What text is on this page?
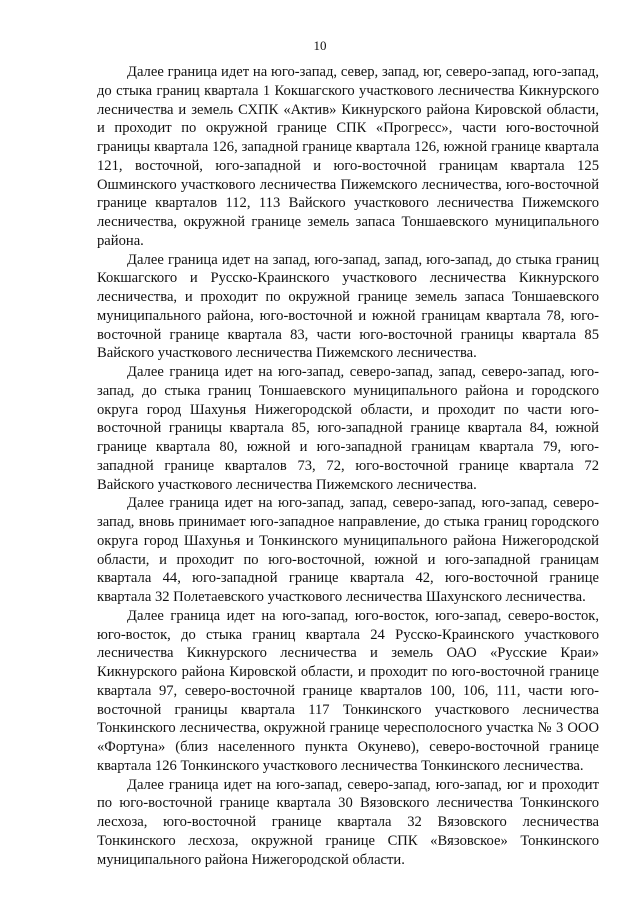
10

Далее граница идет на юго-запад, север, запад, юг, северо-запад, юго-запад, до стыка границ квартала 1 Кокшагского участкового лесничества Кикнурского лесничества и земель СХПК «Актив» Кикнурского района Кировской области, и проходит по окружной границе СПК «Прогресс», части юго-восточной границы квартала 126, западной границе квартала 126, южной границе квартала 121, восточной, юго-западной и юго-восточной границам квартала 125 Ошминского участкового лесничества Пижемского лесничества, юго-восточной границе кварталов 112, 113 Вайского участкового лесничества Пижемского лесничества, окружной границе земель запаса Тоншаевского муниципального района.

Далее граница идет на запад, юго-запад, запад, юго-запад, до стыка границ Кокшагского и Русско-Краинского участкового лесничества Кикнурского лесничества, и проходит по окружной границе земель запаса Тоншаевского муниципального района, юго-восточной и южной границам квартала 78, юго-восточной границе квартала 83, части юго-восточной границы квартала 85 Вайского участкового лесничества Пижемского лесничества.

Далее граница идет на юго-запад, северо-запад, запад, северо-запад, юго-запад, до стыка границ Тоншаевского муниципального района и городского округа город Шахунья Нижегородской области, и проходит по части юго-восточной границы квартала 85, юго-западной границе квартала 84, южной границе квартала 80, южной и юго-западной границам квартала 79, юго-западной границе кварталов 73, 72, юго-восточной границе квартала 72 Вайского участкового лесничества Пижемского лесничества.

Далее граница идет на юго-запад, запад, северо-запад, юго-запад, северо-запад, вновь принимает юго-западное направление, до стыка границ городского округа город Шахунья и Тонкинского муниципального района Нижегородской области, и проходит по юго-восточной, южной и юго-западной границам квартала 44, юго-западной границе квартала 42, юго-восточной границе квартала 32 Полетаевского участкового лесничества Шахунского лесничества.

Далее граница идет на юго-запад, юго-восток, юго-запад, северо-восток, юго-восток, до стыка границ квартала 24 Русско-Краинского участкового лесничества Кикнурского лесничества и земель ОАО «Русские Краи» Кикнурского района Кировской области, и проходит по юго-восточной границе квартала 97, северо-восточной границе кварталов 100, 106, 111, части юго-восточной границы квартала 117 Тонкинского участкового лесничества Тонкинского лесничества, окружной границе чересполосного участка № 3 ООО «Фортуна» (близ населенного пункта Окунево), северо-восточной границе квартала 126 Тонкинского участкового лесничества Тонкинского лесничества.

Далее граница идет на юго-запад, северо-запад, юго-запад, юг и проходит по юго-восточной границе квартала 30 Вязовского лесничества Тонкинского лесхоза, юго-восточной границе квартала 32 Вязовского лесничества Тонкинского лесхоза, окружной границе СПК «Вязовское» Тонкинского муниципального района Нижегородской области.
